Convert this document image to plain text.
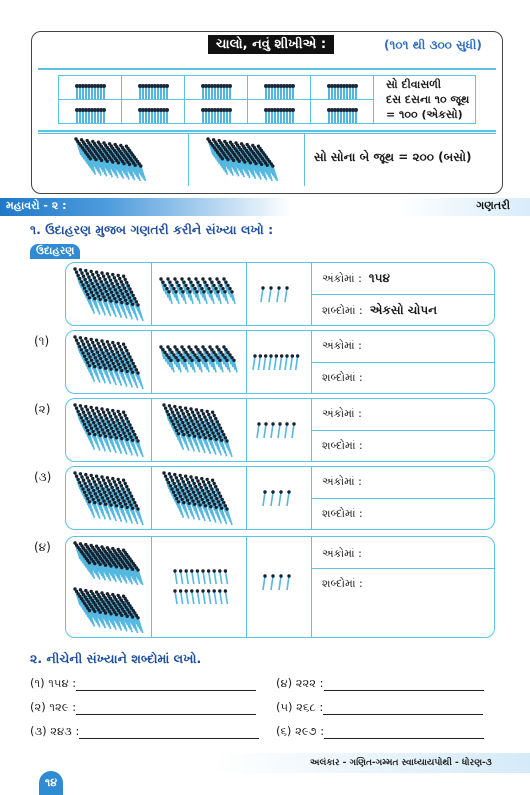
ચાલો, નવું શીખીએ :	(૧૦૧ થી ૩૦૦ સુધી)

					સો દીવાસળી
દસ દસના ૧૦ જૂથ
= ૧૦૦ (એકસો)

સો સોના બે જૂથ = ૨૦૦ (બસો)
મહાવરો - ૨ :	ગણતરી
૧. ઉદાહરણ મુજબ ગણતરી કરીને સંખ્યા લખો :
ઉદાહરણ
અંકોમાં : ૧૫૪
શબ્દોમાં : એકસો ચોપન
(૧)	અંકોમાં :
શબ્દોમાં :
(૨)	અંકોમાં :
શબ્દોમાં :
(૩)	અંકોમાં :
શબ્દોમાં :
(૪)	અંકોમાં :
શબ્દોમાં :
૨. નીચેની સંખ્યાને શબ્દોમાં લખો.
(૧) ૧૫૪ :	(૪) ૨૨૨ :
(૨) ૧૨૯ :	(૫) ૨૬૮ :
(૩) ૨૪૩ :	(૬) ૨૯૭ :
અલંકાર - ગણિત-ગમ્મત સ્વાધ્યાયપોથી - ધોરણ-૩
૧૪
